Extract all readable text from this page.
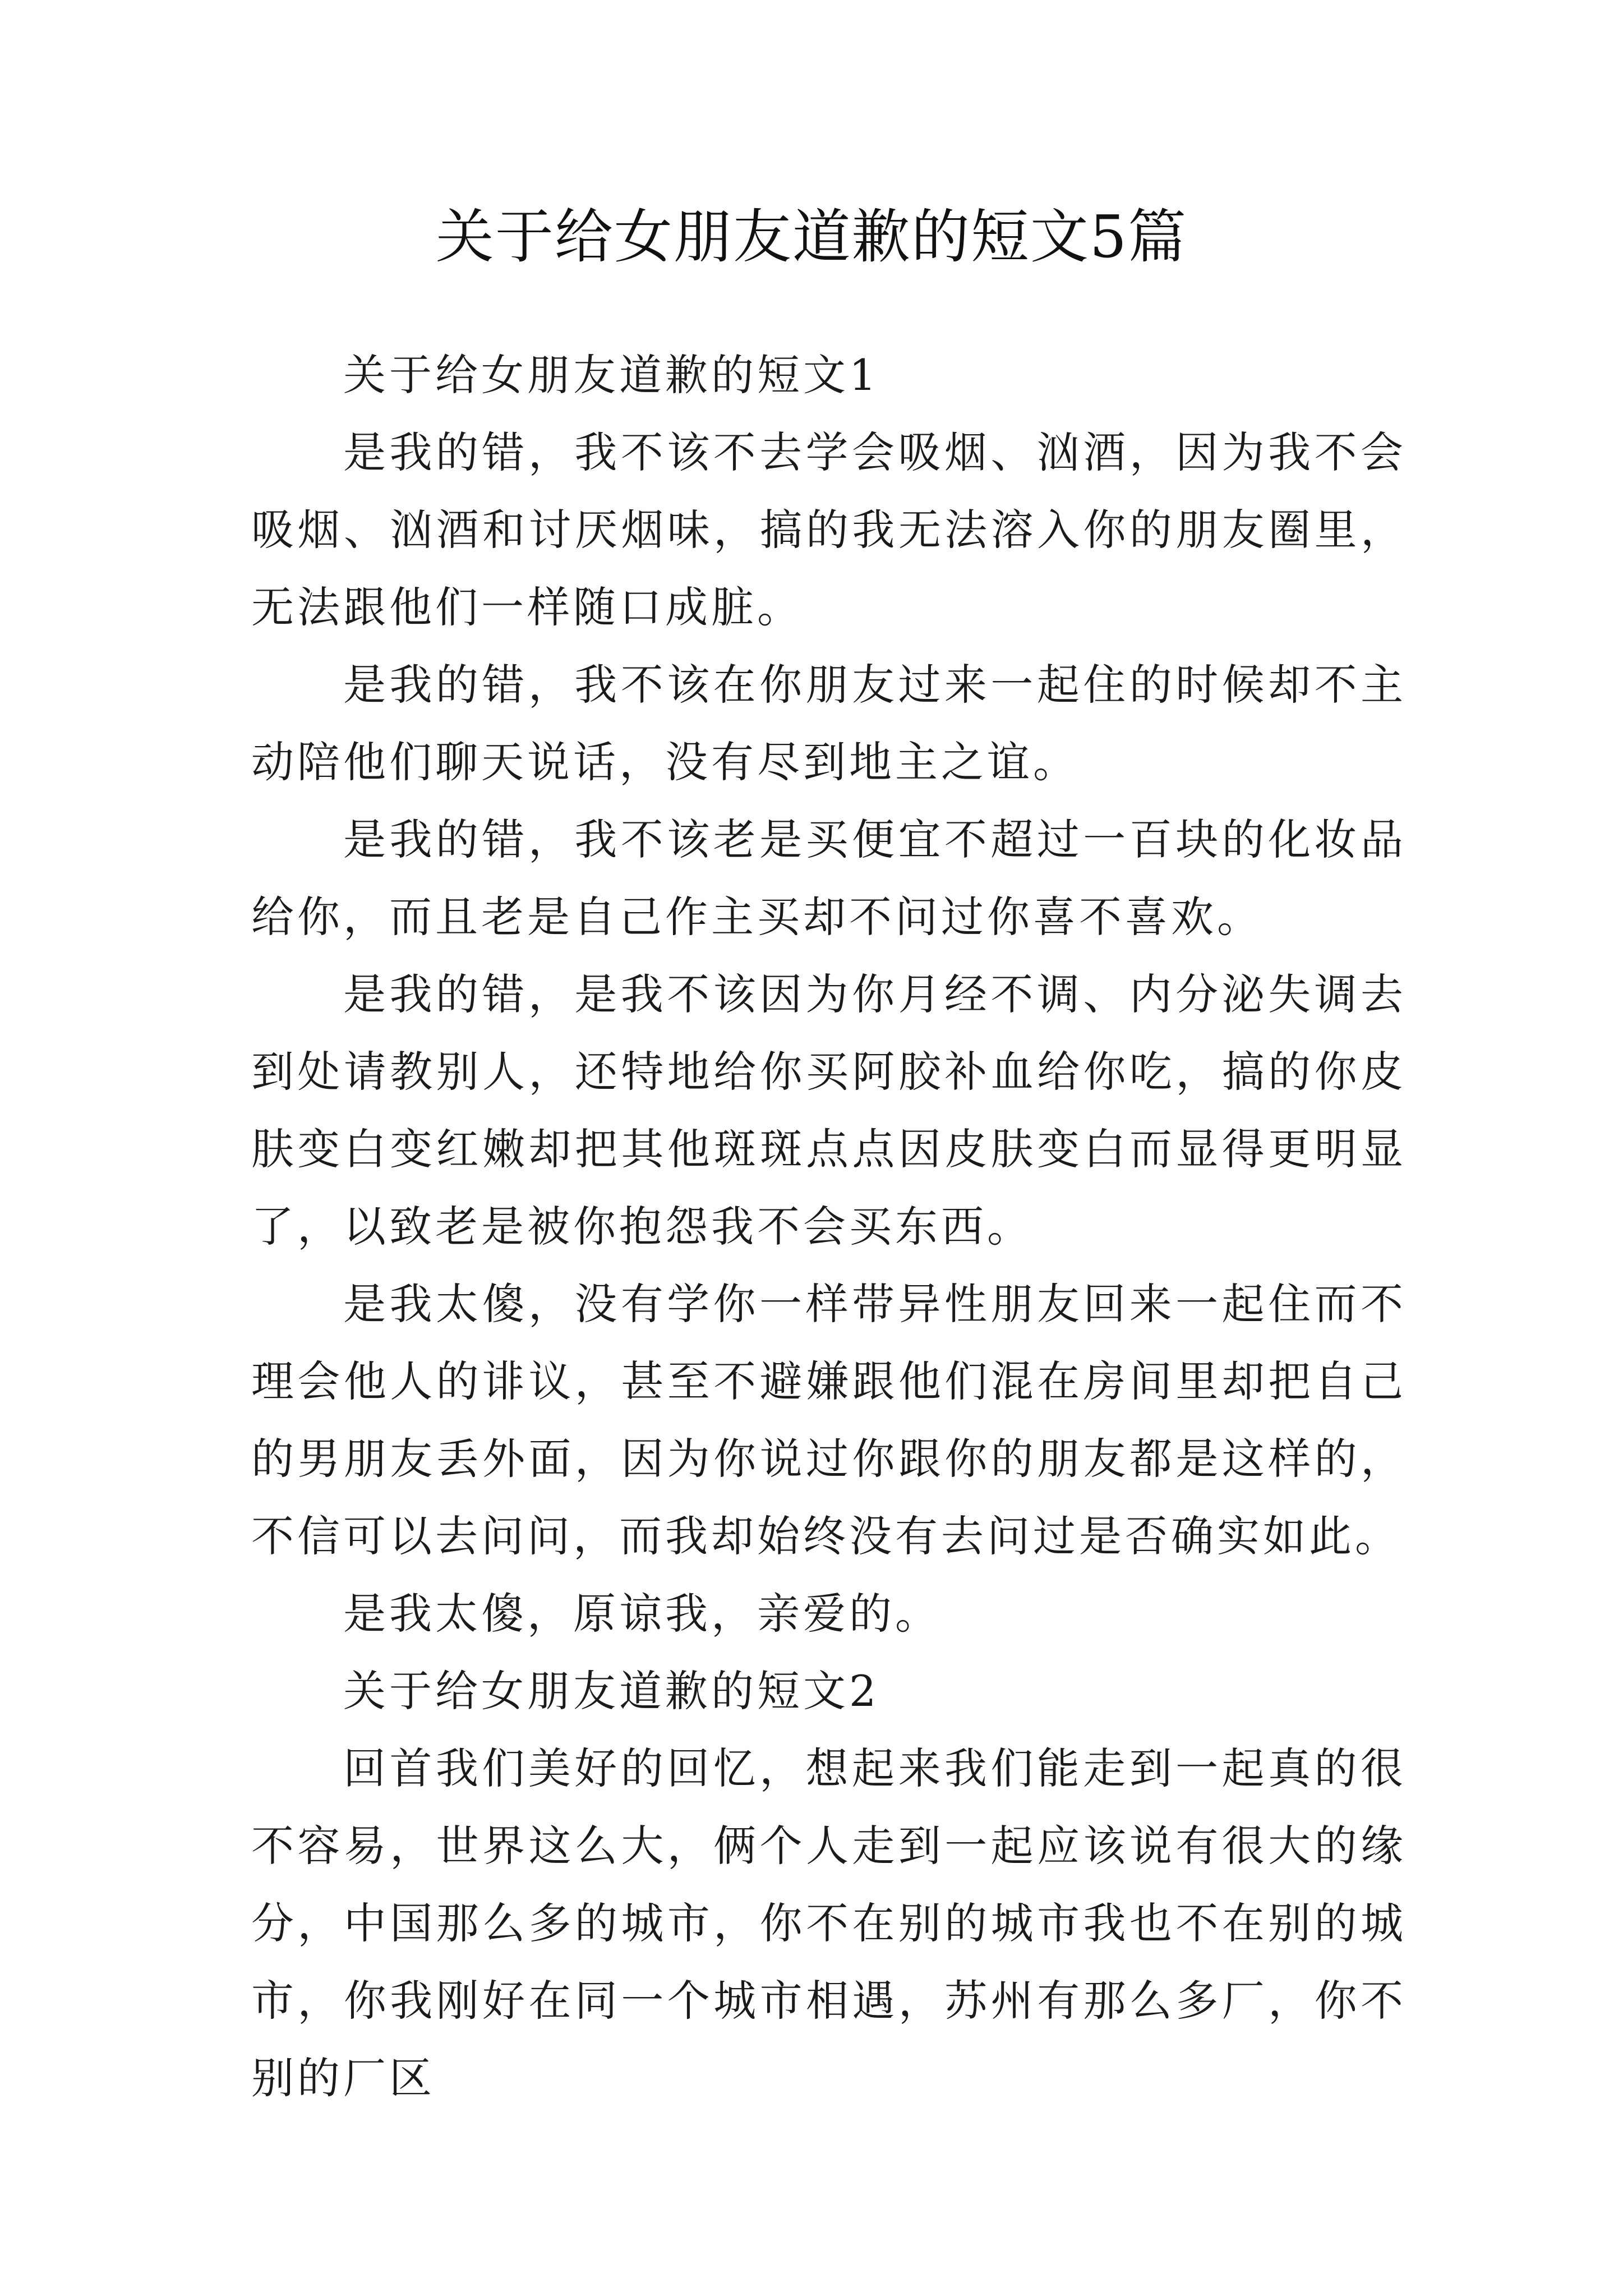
关于给女朋友道歉的短文5篇

关于给女朋友道歉的短文1

是我的错，我不该不去学会吸烟、汹酒，因为我不会吸烟、汹酒和讨厌烟味，搞的我无法溶入你的朋友圈里，无法跟他们一样随口成脏。

是我的错，我不该在你朋友过来一起住的时候却不主动陪他们聊天说话，没有尽到地主之谊。

是我的错，我不该老是买便宜不超过一百块的化妆品给你，而且老是自己作主买却不问过你喜不喜欢。

是我的错，是我不该因为你月经不调、内分泌失调去到处请教别人，还特地给你买阿胶补血给你吃，搞的你皮肤变白变红嫩却把其他斑斑点点因皮肤变白而显得更明显了，以致老是被你抱怨我不会买东西。

是我太傻，没有学你一样带异性朋友回来一起住而不理会他人的诽议，甚至不避嫌跟他们混在房间里却把自己的男朋友丢外面，因为你说过你跟你的朋友都是这样的，不信可以去问问，而我却始终没有去问过是否确实如此。

是我太傻，原谅我，亲爱的。

关于给女朋友道歉的短文2

回首我们美好的回忆，想起来我们能走到一起真的很不容易，世界这么大，俩个人走到一起应该说有很大的缘分，中国那么多的城市，你不在别的城市我也不在别的城市，你我刚好在同一个城市相遇，苏州有那么多厂，你不别的厂区
